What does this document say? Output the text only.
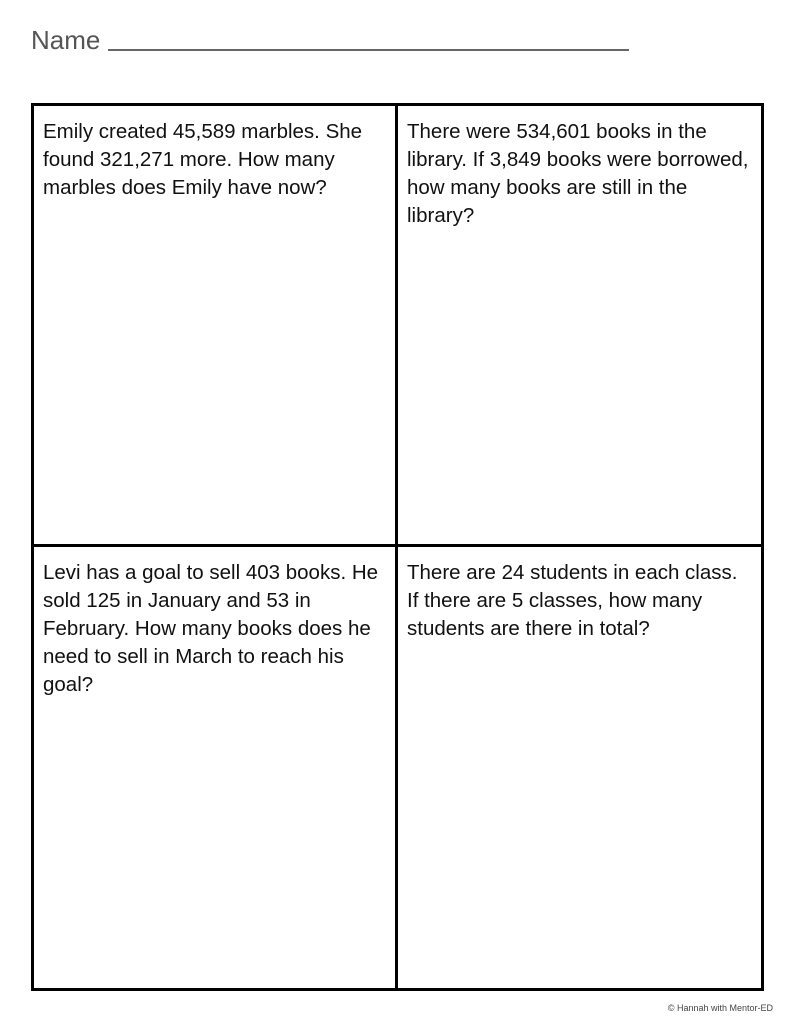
Name
Emily created 45,589 marbles. She found 321,271 more. How many marbles does Emily have now?
There were 534,601 books in the library. If 3,849 books were borrowed, how many books are still in the library?
Levi has a goal to sell 403 books. He sold 125 in January and 53 in February. How many books does he need to sell in March to reach his goal?
There are 24 students in each class. If there are 5 classes, how many students are there in total?
© Hannah with Mentor-ED
